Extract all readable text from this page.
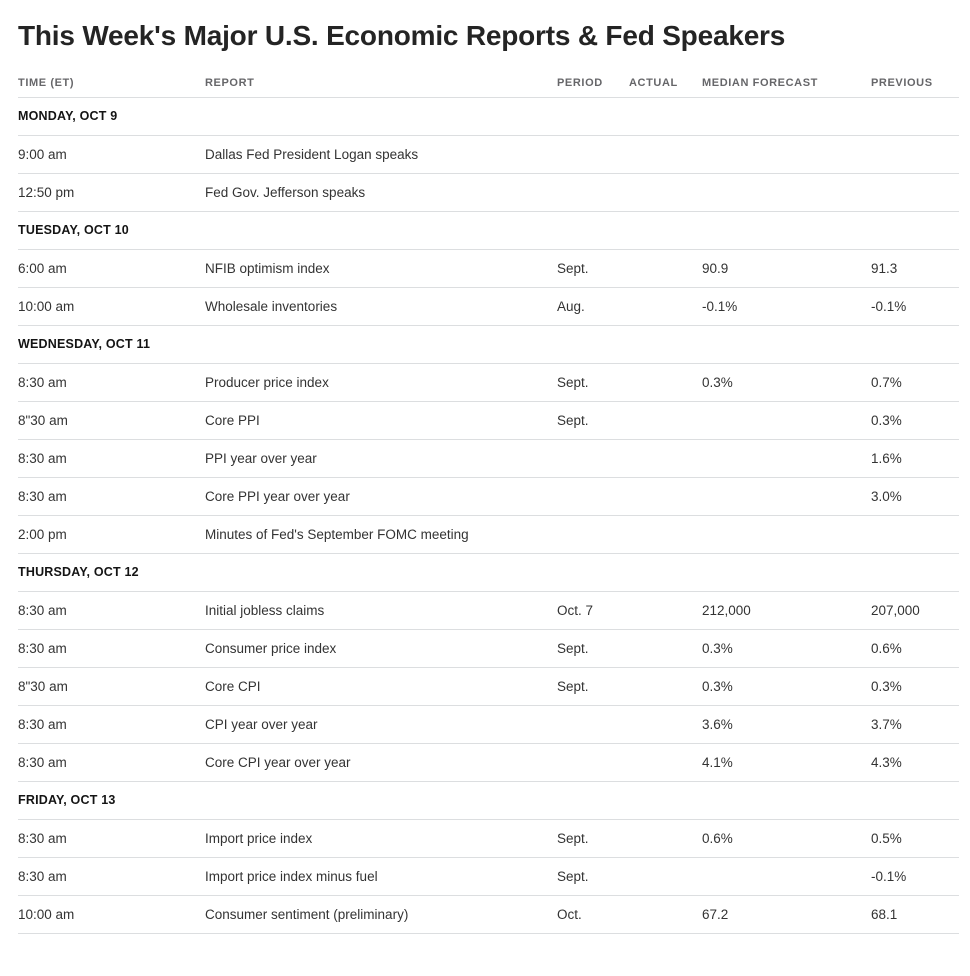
This Week's Major U.S. Economic Reports & Fed Speakers
TIME (ET)	REPORT	PERIOD	ACTUAL	MEDIAN FORECAST	PREVIOUS
MONDAY, OCT 9					
9:00 am	Dallas Fed President Logan speaks				
12:50 pm	Fed Gov. Jefferson speaks				
TUESDAY, OCT 10					
6:00 am	NFIB optimism index	Sept.		90.9	91.3
10:00 am	Wholesale inventories	Aug.		-0.1%	-0.1%
WEDNESDAY, OCT 11					
8:30 am	Producer price index	Sept.		0.3%	0.7%
8"30 am	Core PPI	Sept.			0.3%
8:30 am	PPI year over year				1.6%
8:30 am	Core PPI year over year				3.0%
2:00 pm	Minutes of Fed's September FOMC meeting				
THURSDAY, OCT 12					
8:30 am	Initial jobless claims	Oct. 7		212,000	207,000
8:30 am	Consumer price index	Sept.		0.3%	0.6%
8"30 am	Core CPI	Sept.		0.3%	0.3%
8:30 am	CPI year over year			3.6%	3.7%
8:30 am	Core CPI year over year			4.1%	4.3%
FRIDAY, OCT 13					
8:30 am	Import price index	Sept.		0.6%	0.5%
8:30 am	Import price index minus fuel	Sept.			-0.1%
10:00 am	Consumer sentiment (preliminary)	Oct.		67.2	68.1
